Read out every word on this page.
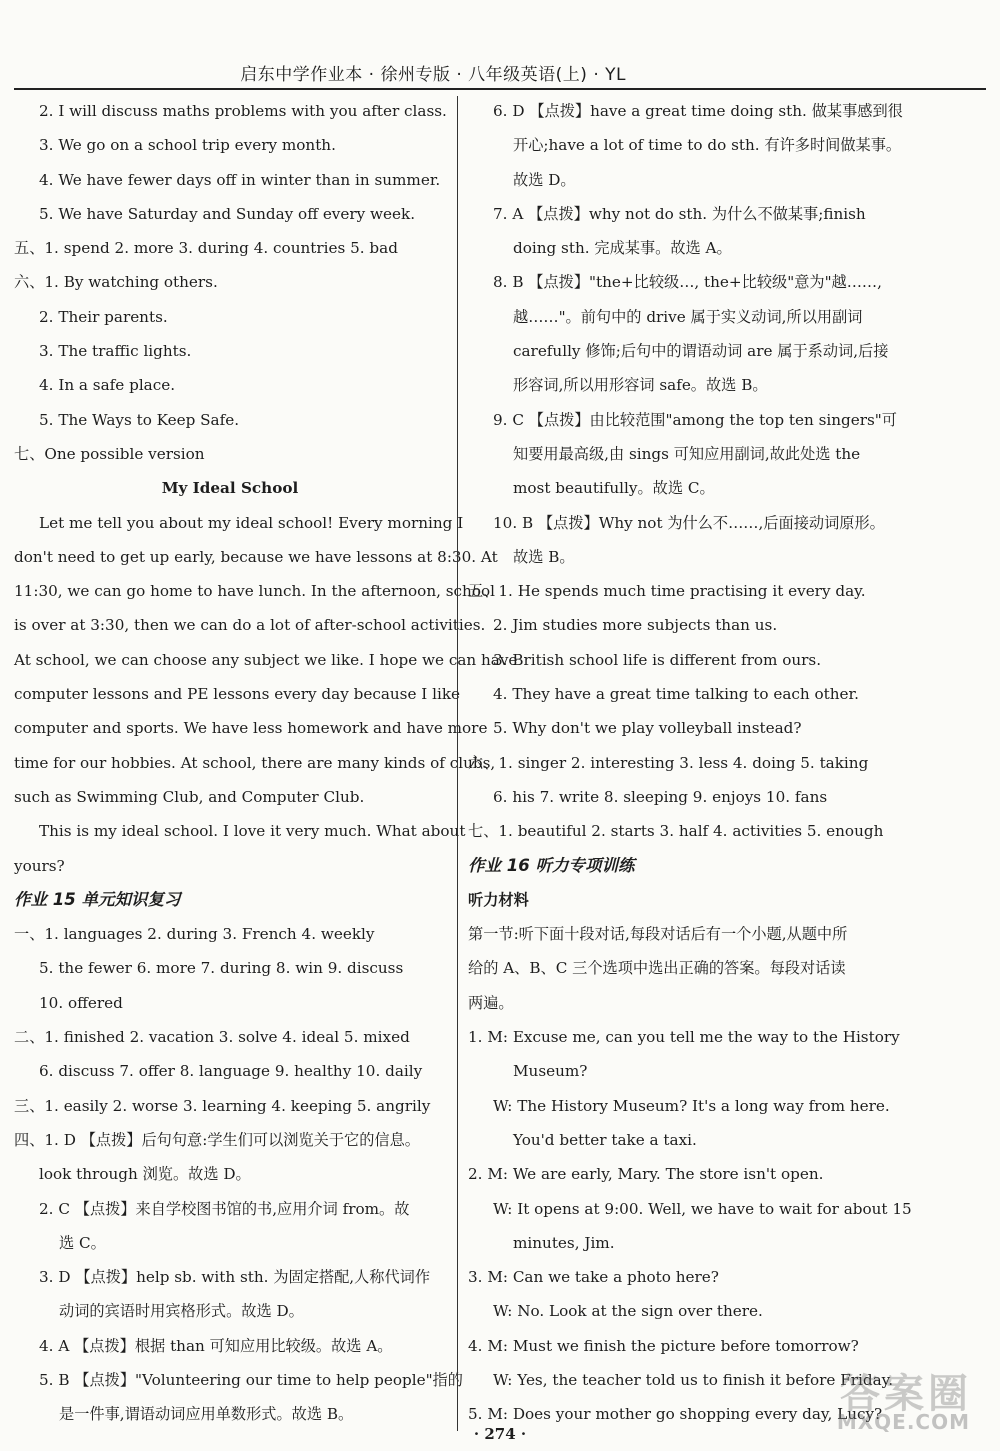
启东中学作业本 · 徐州专版 · 八年级英语(上) · YL
2. I will discuss maths problems with you after class.
3. We go on a school trip every month.
4. We have fewer days off in winter than in summer.
5. We have Saturday and Sunday off every week.
五、1. spend 2. more 3. during 4. countries 5. bad
六、1. By watching others.
2. Their parents.
3. The traffic lights.
4. In a safe place.
5. The Ways to Keep Safe.
七、One possible version
My Ideal School
Let me tell you about my ideal school! Every morning I
don't need to get up early, because we have lessons at 8:30. At
11:30, we can go home to have lunch. In the afternoon, school
is over at 3:30, then we can do a lot of after-school activities.
At school, we can choose any subject we like. I hope we can have
computer lessons and PE lessons every day because I like
computer and sports. We have less homework and have more
time for our hobbies. At school, there are many kinds of clubs,
such as Swimming Club, and Computer Club.
This is my ideal school. I love it very much. What about
yours?
作业 15 单元知识复习
一、1. languages 2. during 3. French 4. weekly
5. the fewer 6. more 7. during 8. win 9. discuss
10. offered
二、1. finished 2. vacation 3. solve 4. ideal 5. mixed
6. discuss 7. offer 8. language 9. healthy 10. daily
三、1. easily 2. worse 3. learning 4. keeping 5. angrily
四、1. D 【点拨】后句句意:学生们可以浏览关于它的信息。
look through 浏览。故选 D。
2. C 【点拨】来自学校图书馆的书,应用介词 from。故
选 C。
3. D 【点拨】help sb. with sth. 为固定搭配,人称代词作
动词的宾语时用宾格形式。故选 D。
4. A 【点拨】根据 than 可知应用比较级。故选 A。
5. B 【点拨】"Volunteering our time to help people"指的
是一件事,谓语动词应用单数形式。故选 B。
6. D 【点拨】have a great time doing sth. 做某事感到很
开心;have a lot of time to do sth. 有许多时间做某事。
故选 D。
7. A 【点拨】why not do sth. 为什么不做某事;finish
doing sth. 完成某事。故选 A。
8. B 【点拨】"the+比较级…, the+比较级"意为"越……,
越……"。前句中的 drive 属于实义动词,所以用副词
carefully 修饰;后句中的谓语动词 are 属于系动词,后接
形容词,所以用形容词 safe。故选 B。
9. C 【点拨】由比较范围"among the top ten singers"可
知要用最高级,由 sings 可知应用副词,故此处选 the
most beautifully。故选 C。
10. B 【点拨】Why not 为什么不……,后面接动词原形。
故选 B。
五、1. He spends much time practising it every day.
2. Jim studies more subjects than us.
3. British school life is different from ours.
4. They have a great time talking to each other.
5. Why don't we play volleyball instead?
六、1. singer 2. interesting 3. less 4. doing 5. taking
6. his 7. write 8. sleeping 9. enjoys 10. fans
七、1. beautiful 2. starts 3. half 4. activities 5. enough
作业 16 听力专项训练
听力材料
第一节:听下面十段对话,每段对话后有一个小题,从题中所
给的 A、B、C 三个选项中选出正确的答案。每段对话读
两遍。
1. M: Excuse me, can you tell me the way to the History
Museum?
W: The History Museum? It's a long way from here.
You'd better take a taxi.
2. M: We are early, Mary. The store isn't open.
W: It opens at 9:00. Well, we have to wait for about 15
minutes, Jim.
3. M: Can we take a photo here?
W: No. Look at the sign over there.
4. M: Must we finish the picture before tomorrow?
W: Yes, the teacher told us to finish it before Friday.
5. M: Does your mother go shopping every day, Lucy?
· 274 ·
答案圈
MXQE.COM
